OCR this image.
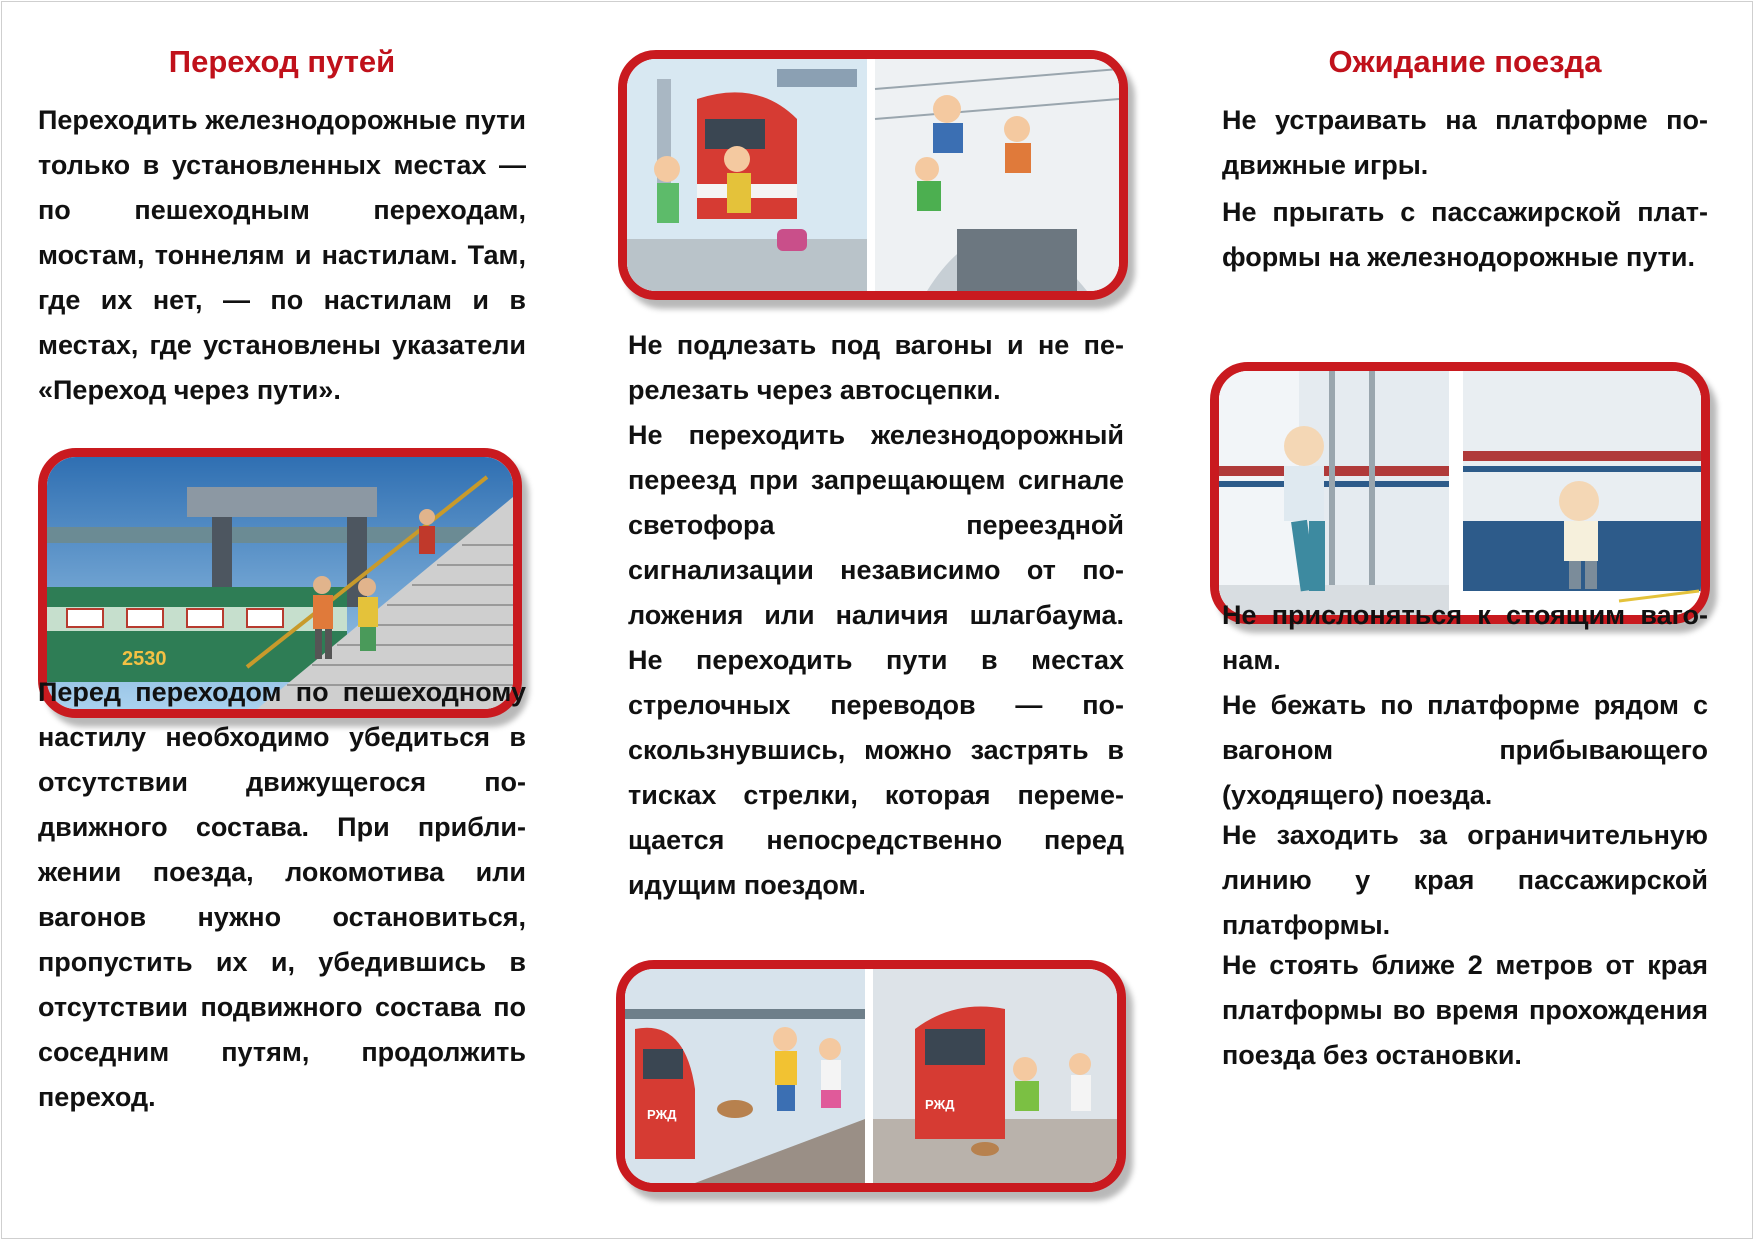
Переход путей

Переходить железнодорожные пути только в установленных местах — по пешеходным переходам, мостам, тоннелям и настилам. Там, где их нет, — по настилам и в местах, где установлены указатели «Переход через пути».

2530

Перед переходом по пешеходному настилу необходимо убедиться в отсутствии движущегося подвижного состава. При приближении поезда, локомотива или вагонов нужно остановиться, пропустить их и, убедившись в отсутствии подвижного состава по соседним путям, продолжить переход.

Не подлезать под вагоны и не перелезать через автосцепки.

Не переходить железнодорожный переезд при запрещающем сигнале светофора переездной сигнализации независимо от положения или наличия шлагбаума. Не переходить пути в местах стрелочных переводов — поскользнувшись, можно застрять в тисках стрелки, которая перемещается непосредственно перед идущим поездом.

РЖД
РЖД
Ожидание поезда

Не устраивать на платформе подвижные игры.

Не прыгать с пассажирской платформы на железнодорожные пути.

Не прислоняться к стоящим вагонам.

Не бежать по платформе рядом с вагоном прибывающего (уходящего) поезда.

Не заходить за ограничительную линию у края пассажирской платформы.

Не стоять ближе 2 метров от края платформы во время прохождения поезда без остановки.
